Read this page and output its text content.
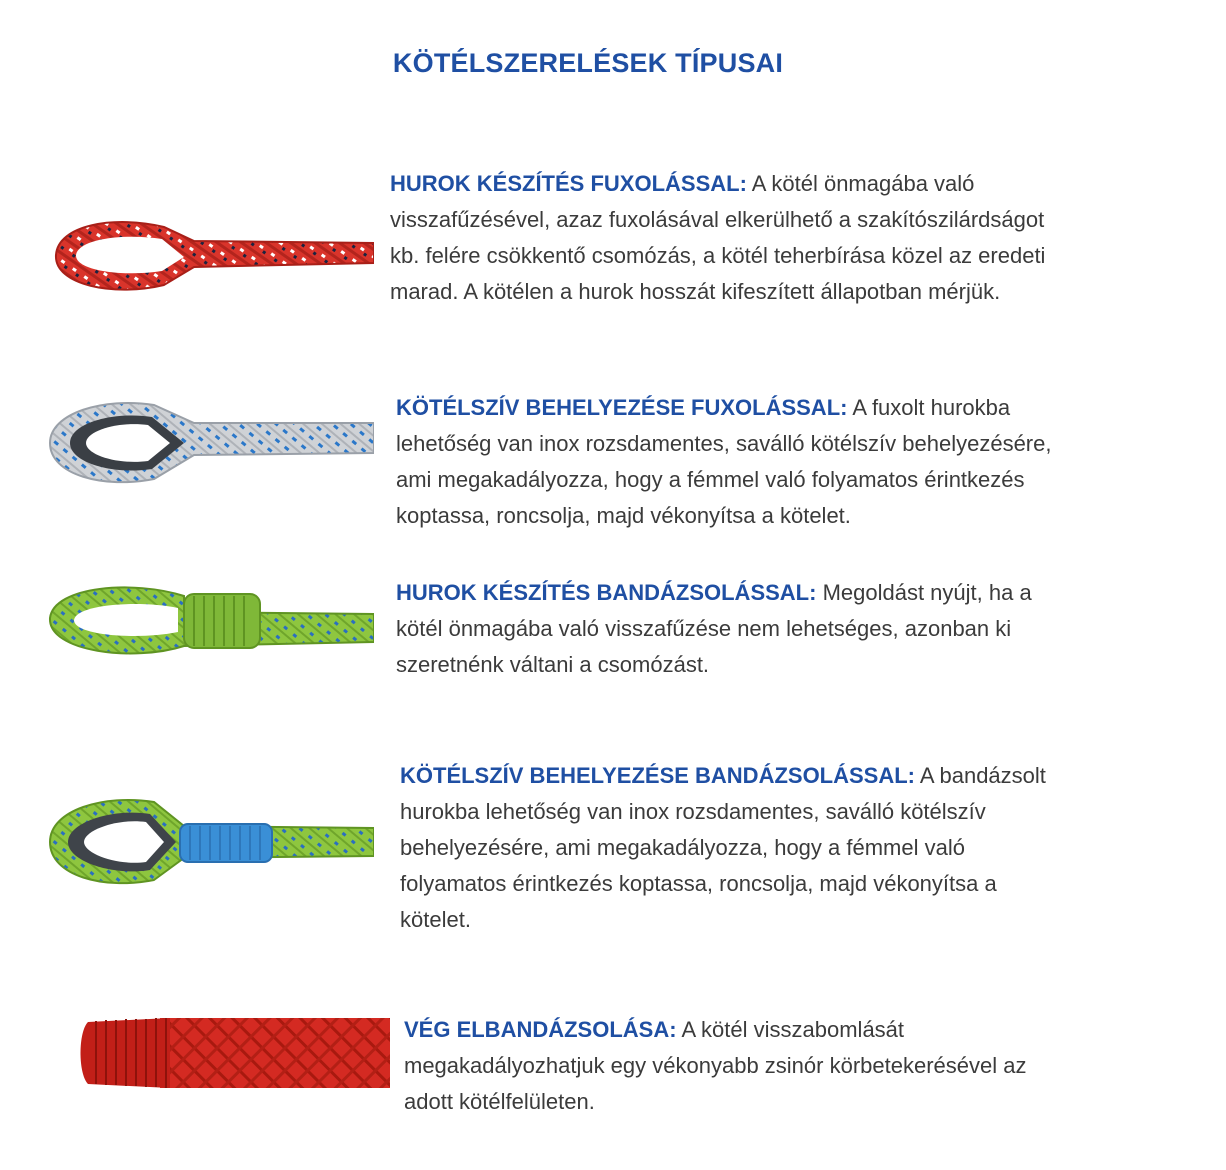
KÖTÉLSZERELÉSEK TÍPUSAI
HUROK KÉSZÍTÉS FUXOLÁSSAL: A kötél önmagába való
visszafűzésével, azaz fuxolásával elkerülhető a szakítószilárdságot
kb. felére csökkentő csomózás, a kötél teherbírása közel az eredeti
marad. A kötélen a hurok hosszát kifeszített állapotban mérjük.
KÖTÉLSZÍV BEHELYEZÉSE FUXOLÁSSAL: A fuxolt hurokba
lehetőség van inox rozsdamentes, saválló kötélszív behelyezésére,
ami megakadályozza, hogy a fémmel való folyamatos érintkezés
koptassa, roncsolja, majd vékonyítsa a kötelet.
HUROK KÉSZÍTÉS BANDÁZSOLÁSSAL: Megoldást nyújt, ha a
kötél önmagába való visszafűzése nem lehetséges, azonban ki
szeretnénk váltani a csomózást.
KÖTÉLSZÍV BEHELYEZÉSE BANDÁZSOLÁSSAL: A bandázsolt
hurokba lehetőség van inox rozsdamentes, saválló kötélszív
behelyezésére, ami megakadályozza, hogy a fémmel való
folyamatos érintkezés koptassa, roncsolja, majd vékonyítsa a
kötelet.
VÉG ELBANDÁZSOLÁSA: A kötél visszabomlását
megakadályozhatjuk egy vékonyabb zsinór körbetekerésével az
adott kötélfelületen.
